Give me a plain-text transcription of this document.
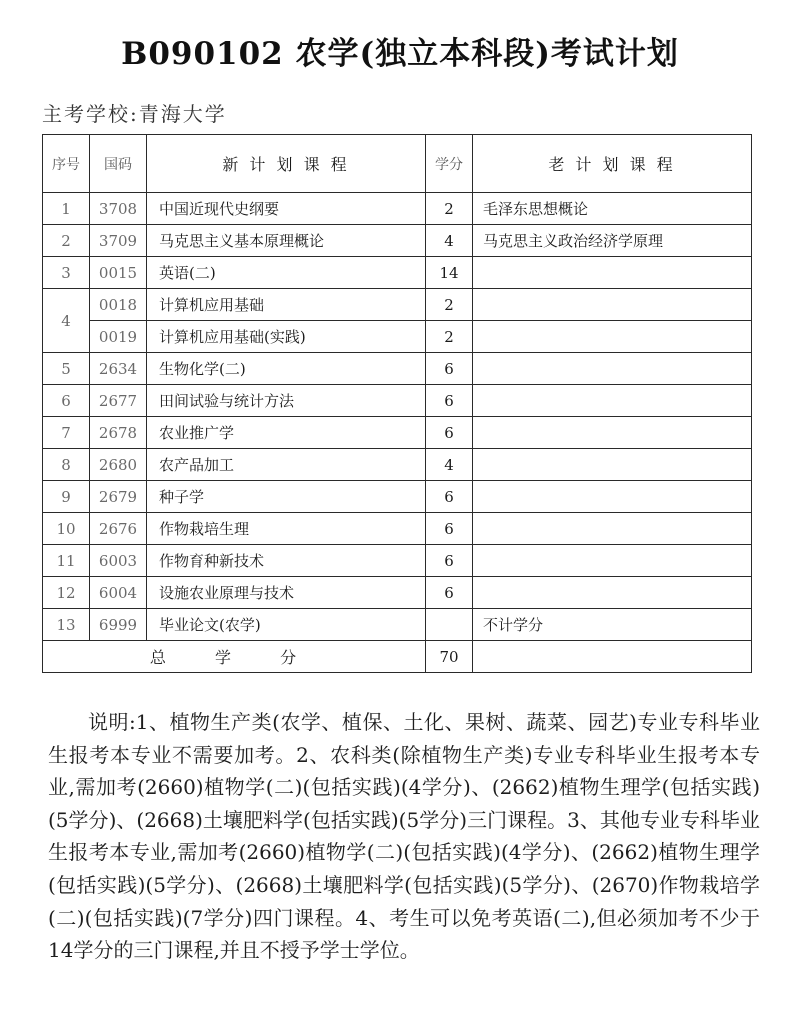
B090102 农学(独立本科段)考试计划
主考学校:青海大学
序号	国码	新 计 划 课 程	学分	老 计 划 课 程
1	3708	中国近现代史纲要	2	毛泽东思想概论
2	3709	马克思主义基本原理概论	4	马克思主义政治经济学原理
3	0015	英语(二)	14	
4	0018	计算机应用基础	2	
	0019	计算机应用基础(实践)	2	
5	2634	生物化学(二)	6	
6	2677	田间试验与统计方法	6	
7	2678	农业推广学	6	
8	2680	农产品加工	4	
9	2679	种子学	6	
10	2676	作物栽培生理	6	
11	6003	作物育种新技术	6	
12	6004	设施农业原理与技术	6	
13	6999	毕业论文(农学)		不计学分
总 学 分			70	
说明:1、植物生产类(农学、植保、土化、果树、蔬菜、园艺)专业专科毕业生报考本专业不需要加考。2、农科类(除植物生产类)专业专科毕业生报考本专业,需加考(2660)植物学(二)(包括实践)(4学分)、(2662)植物生理学(包括实践)(5学分)、(2668)土壤肥料学(包括实践)(5学分)三门课程。3、其他专业专科毕业生报考本专业,需加考(2660)植物学(二)(包括实践)(4学分)、(2662)植物生理学(包括实践)(5学分)、(2668)土壤肥料学(包括实践)(5学分)、(2670)作物栽培学(二)(包括实践)(7学分)四门课程。4、考生可以免考英语(二),但必须加考不少于14学分的三门课程,并且不授予学士学位。
